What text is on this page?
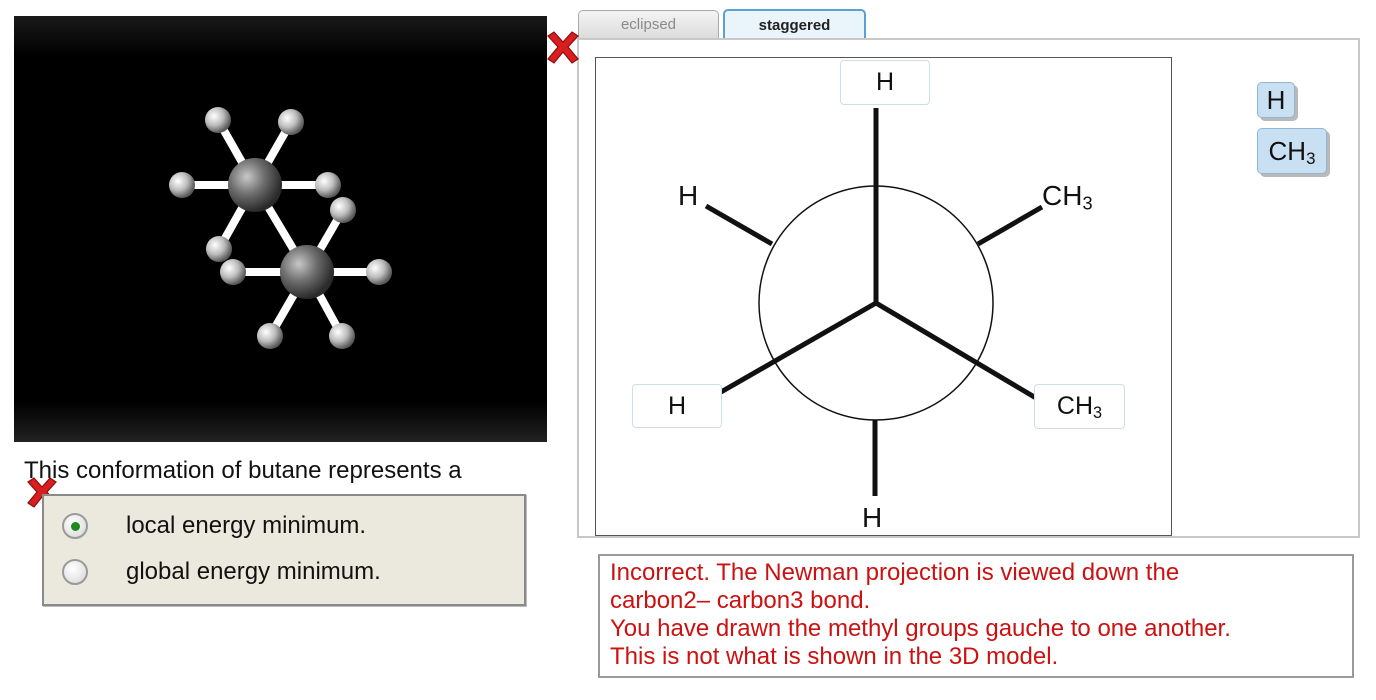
This conformation of butane represents a
local energy minimum.
global energy minimum.
eclipsed	staggered
H
H	$CH_3$
H	$CH_3$
H
H
$CH_3$
Incorrect. The Newman projection is viewed down the
carbon2– carbon3 bond.
You have drawn the methyl groups gauche to one another.
This is not what is shown in the 3D model.
